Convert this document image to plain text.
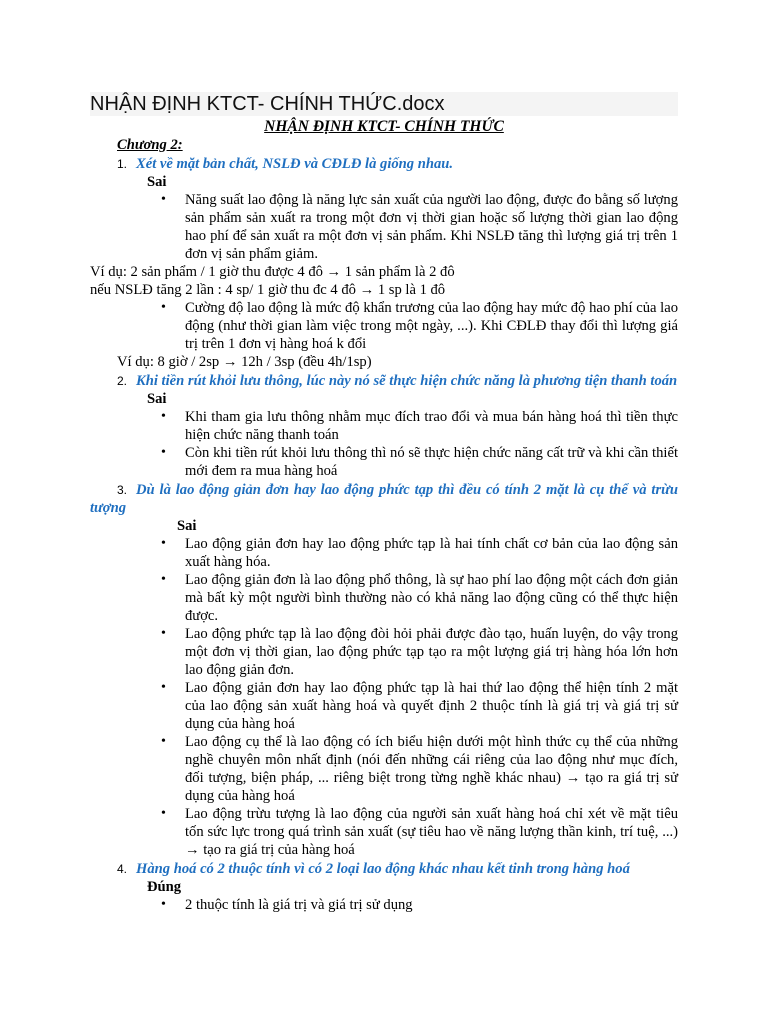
NHẬN ĐỊNH KTCT- CHÍNH THỨC.docx
NHẬN ĐỊNH KTCT- CHÍNH THỨC
Chương 2:
1. Xét về mặt bản chất, NSLĐ và CĐLĐ là giống nhau.
Sai
• Năng suất lao động là năng lực sản xuất của người lao động, được đo bằng số lượng sản phẩm sản xuất ra trong một đơn vị thời gian hoặc số lượng thời gian lao động hao phí để sản xuất ra một đơn vị sản phẩm. Khi NSLĐ tăng thì lượng giá trị trên 1 đơn vị sản phẩm giảm.
Ví dụ: 2 sản phẩm / 1 giờ thu được 4 đô → 1 sản phẩm là 2 đô
nếu NSLĐ tăng 2 lần : 4 sp/ 1 giờ thu đc 4 đô → 1 sp là 1 đô
• Cường độ lao động là mức độ khẩn trương của lao động hay mức độ hao phí của lao động (như thời gian làm việc trong một ngày, ...). Khi CĐLĐ thay đổi thì lượng giá trị trên 1 đơn vị hàng hoá k đổi
Ví dụ: 8 giờ / 2sp → 12h / 3sp (đều 4h/1sp)
2. Khi tiền rút khỏi lưu thông, lúc này nó sẽ thực hiện chức năng là phương tiện thanh toán
Sai
• Khi tham gia lưu thông nhằm mục đích trao đổi và mua bán hàng hoá thì tiền thực hiện chức năng thanh toán
• Còn khi tiền rút khỏi lưu thông thì nó sẽ thực hiện chức năng cất trữ và khi cần thiết mới đem ra mua hàng hoá
3. Dù là lao động giản đơn hay lao động phức tạp thì đều có tính 2 mặt là cụ thể và trừu tượng
Sai
• Lao động giản đơn hay lao động phức tạp là hai tính chất cơ bản của lao động sản xuất hàng hóa.
• Lao động giản đơn là lao động phổ thông, là sự hao phí lao động một cách đơn giản mà bất kỳ một người bình thường nào có khả năng lao động cũng có thể thực hiện được.
• Lao động phức tạp là lao động đòi hỏi phải được đào tạo, huấn luyện, do vậy trong một đơn vị thời gian, lao động phức tạp tạo ra một lượng giá trị hàng hóa lớn hơn lao động giản đơn.
• Lao động giản đơn hay lao động phức tạp là hai thứ lao động thể hiện tính 2 mặt của lao động sản xuất hàng hoá và quyết định 2 thuộc tính là giá trị và giá trị sử dụng của hàng hoá
• Lao động cụ thể là lao động có ích biểu hiện dưới một hình thức cụ thể của những nghề chuyên môn nhất định (nói đến những cái riêng của lao động như mục đích, đối tượng, biện pháp, ... riêng biệt trong từng nghề khác nhau) → tạo ra giá trị sử dụng của hàng hoá
• Lao động trừu tượng là lao động của người sản xuất hàng hoá chỉ xét về mặt tiêu tốn sức lực trong quá trình sản xuất (sự tiêu hao về năng lượng thần kinh, trí tuệ, ...) → tạo ra giá trị của hàng hoá
4. Hàng hoá có 2 thuộc tính vì có 2 loại lao động khác nhau kết tinh trong hàng hoá
Đúng
• 2 thuộc tính là giá trị và giá trị sử dụng
